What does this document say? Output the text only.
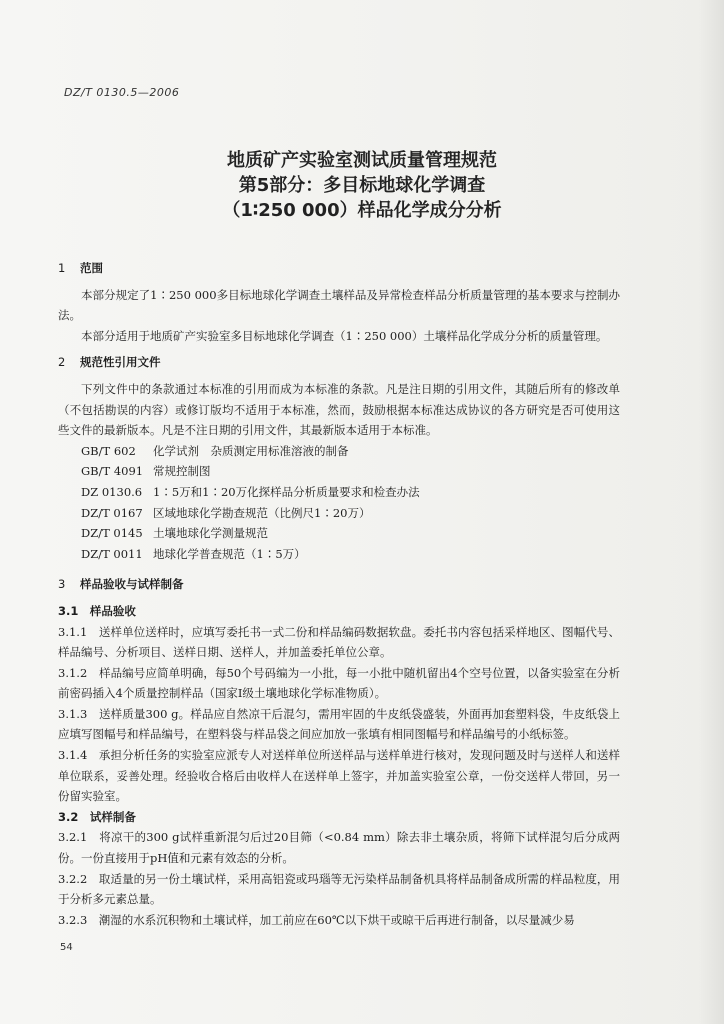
DZ/T 0130.5—2006
地质矿产实验室测试质量管理规范
第5部分：多目标地球化学调查
（1∶250 000）样品化学成分分析

1 范围

本部分规定了1∶250 000多目标地球化学调查土壤样品及异常检查样品分析质量管理的基本要求与控制办法。

本部分适用于地质矿产实验室多目标地球化学调查（1∶250 000）土壤样品化学成分分析的质量管理。

2 规范性引用文件

下列文件中的条款通过本标准的引用而成为本标准的条款。凡是注日期的引用文件，其随后所有的修改单（不包括勘误的内容）或修订版均不适用于本标准，然而，鼓励根据本标准达成协议的各方研究是否可使用这些文件的最新版本。凡是不注日期的引用文件，其最新版本适用于本标准。

GB/T 602 化学试剂　杂质测定用标准溶液的制备

GB/T 4091 常规控制图

DZ 0130.6 1∶5万和1∶20万化探样品分析质量要求和检查办法

DZ/T 0167 区域地球化学勘查规范（比例尺1∶20万）

DZ/T 0145 土壤地球化学测量规范

DZ/T 0011 地球化学普查规范（1∶5万）

3 样品验收与试样制备

3.1　样品验收

3.1.1　送样单位送样时，应填写委托书一式二份和样品编码数据软盘。委托书内容包括采样地区、图幅代号、样品编号、分析项目、送样日期、送样人，并加盖委托单位公章。

3.1.2　样品编号应简单明确，每50个号码编为一小批，每一小批中随机留出4个空号位置，以备实验室在分析前密码插入4个质量控制样品（国家Ⅰ级土壤地球化学标准物质）。

3.1.3　送样质量300 g。样品应自然凉干后混匀，需用牢固的牛皮纸袋盛装，外面再加套塑料袋，牛皮纸袋上应填写图幅号和样品编号，在塑料袋与样品袋之间应加放一张填有相同图幅号和样品编号的小纸标签。

3.1.4　承担分析任务的实验室应派专人对送样单位所送样品与送样单进行核对，发现问题及时与送样人和送样单位联系，妥善处理。经验收合格后由收样人在送样单上签字，并加盖实验室公章，一份交送样人带回，另一份留实验室。

3.2　试样制备

3.2.1　将凉干的300 g试样重新混匀后过20目筛（<0.84 mm）除去非土壤杂质，将筛下试样混匀后分成两份。一份直接用于pH值和元素有效态的分析。

3.2.2　取适量的另一份土壤试样，采用高铝瓷或玛瑙等无污染样品制备机具将样品制备成所需的样品粒度，用于分析多元素总量。

3.2.3　潮湿的水系沉积物和土壤试样，加工前应在60℃以下烘干或晾干后再进行制备，以尽量减少易

54
